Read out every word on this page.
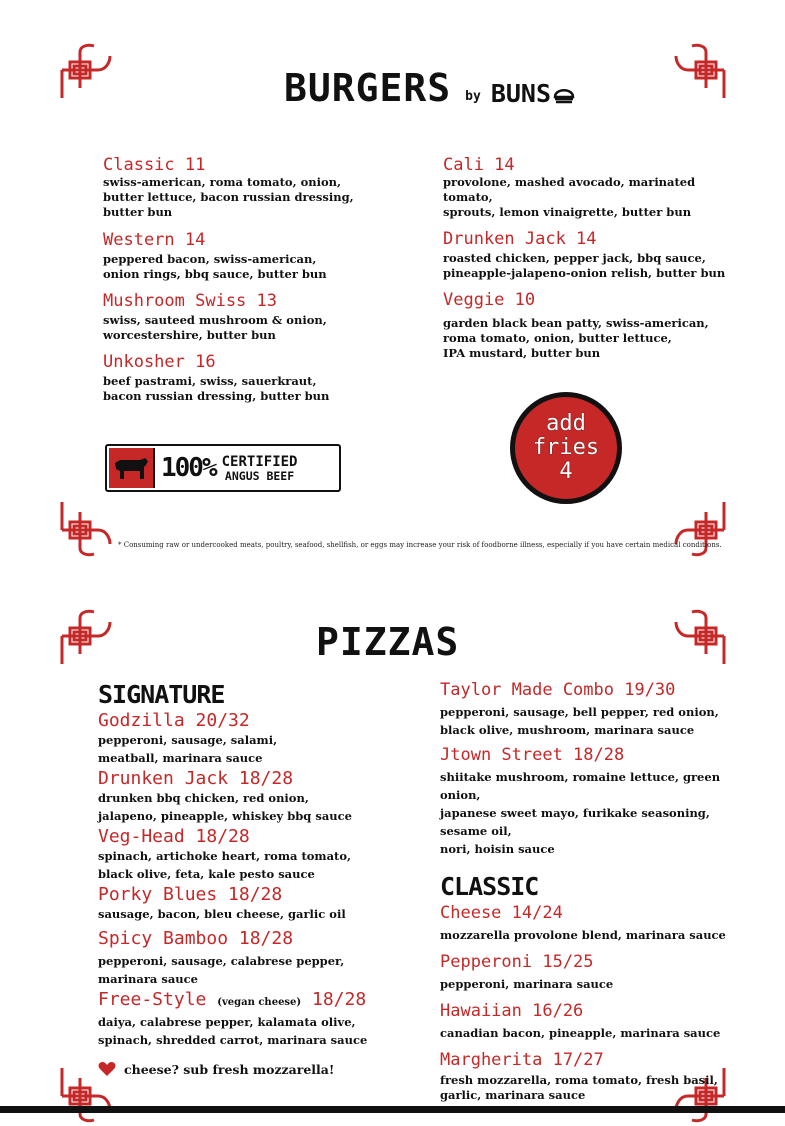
BURGERS by BUNS
Classic 11
swiss-american, roma tomato, onion,
butter lettuce, bacon russian dressing,
butter bun
Western 14
peppered bacon, swiss-american,
onion rings, bbq sauce, butter bun
Mushroom Swiss 13
swiss, sauteed mushroom & onion,
worcestershire, butter bun
Unkosher 16
beef pastrami, swiss, sauerkraut,
bacon russian dressing, butter bun
Cali 14
provolone, mashed avocado, marinated tomato,
sprouts, lemon vinaigrette, butter bun
Drunken Jack 14
roasted chicken, pepper jack, bbq sauce,
pineapple-jalapeno-onion relish, butter bun
Veggie 10
garden black bean patty, swiss-american,
roma tomato, onion, butter lettuce,
IPA mustard, butter bun
100% CERTIFIED
ANGUS BEEF
add
fries
4
* Consuming raw or undercooked meats, poultry, seafood, shellfish, or eggs may increase your risk of foodborne illness, especially if you have certain medical conditions.
PIZZAS
SIGNATURE
Godzilla 20/32
pepperoni, sausage, salami,
meatball, marinara sauce
Drunken Jack 18/28
drunken bbq chicken, red onion,
jalapeno, pineapple, whiskey bbq sauce
Veg-Head 18/28
spinach, artichoke heart, roma tomato,
black olive, feta, kale pesto sauce
Porky Blues 18/28
sausage, bacon, bleu cheese, garlic oil
Spicy Bamboo 18/28
pepperoni, sausage, calabrese pepper,
marinara sauce
Free-Style (vegan cheese) 18/28
daiya, calabrese pepper, kalamata olive,
spinach, shredded carrot, marinara sauce
cheese? sub fresh mozzarella!
Taylor Made Combo 19/30
pepperoni, sausage, bell pepper, red onion,
black olive, mushroom, marinara sauce
Jtown Street 18/28
shiitake mushroom, romaine lettuce, green onion,
japanese sweet mayo, furikake seasoning, sesame oil,
nori, hoisin sauce
CLASSIC
Cheese 14/24
mozzarella provolone blend, marinara sauce
Pepperoni 15/25
pepperoni, marinara sauce
Hawaiian 16/26
canadian bacon, pineapple, marinara sauce
Margherita 17/27
fresh mozzarella, roma tomato, fresh basil,
garlic, marinara sauce
